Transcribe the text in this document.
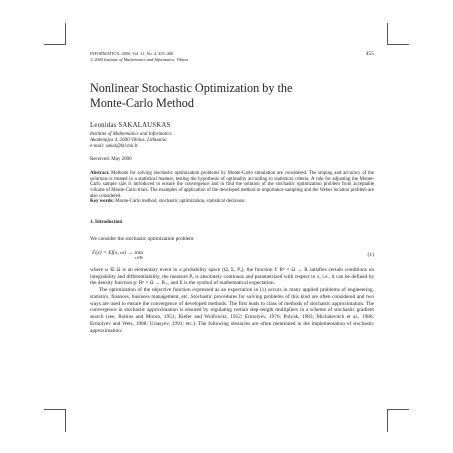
INFORMATICA, 2000, Vol. 11, No. 4, 455–468
© 2000 Institute of Mathematics and Informatics, Vilnius
455
Nonlinear Stochastic Optimization by the
Monte-Carlo Method
Leonidas SAKALAUSKAS
Institute of Mathematics and Informatics
Akademijos 4, 2600 Vilnius, Lithuania
e-mail: sakal@ktl.mii.lt
Received: May 2000
Abstract. Methods for solving stochastic optimization problems by Monte-Carlo simulation are considered. The stoping and accuracy of the solutions is treated in a statistical manner, testing the hypothesis of optimality according to statistical criteria. A rule for adjusting the Monte-Carlo sample size is introduced to ensure the convergence and to find the solution of the stochastic optimization problem from acceptable volume of Monte-Carlo trials. The examples of application of the developed method to importance sampling and the Weber location problem are also considered.
Key words: Monte-Carlo method, stochastic optimization, statistical decisions.
1. Introduction
We consider the stochastic optimization problem:
F(x) = Ef(x, ω) → min
x∈Rⁿ	(1)
where ω ∈ Ω is an elementary event in a probability space (Ω, Σ, Pₓ), the function f: Rⁿ × Ω → R satisfies certain conditions on integrability and differentiability, the measure Pₓ is absolutely continuos and parametrized with respect to x, i.e., it can be defined by the density function p: Rⁿ × Ω → R₊, and E is the symbol of mathematical expectation.
The optimization of the objective function expressed as an expectation in (1) occurs in many applied problems of engineering, statistics, finances, business management, etc. Stochastic procedures for solving problems of this kind are often considered and two ways are used to ensure the convergence of developed methods. The first leads to class of methods of stochastic approximation. The convergence in stochastic approximation is ensured by regulating certain step-length multipliers in a scheme of stochastic gradient search (see, Robins and Monro, 1951; Kiefer and Wolfowitz, 1952; Ermolyev, 1976; Polyak, 1983; Michalevitch et al., 1986; Ermolyev and Wets, 1988; Uriasyev, 1991; etc.). The following obstacles are often mentioned in the implementation of stochastic approximation:
